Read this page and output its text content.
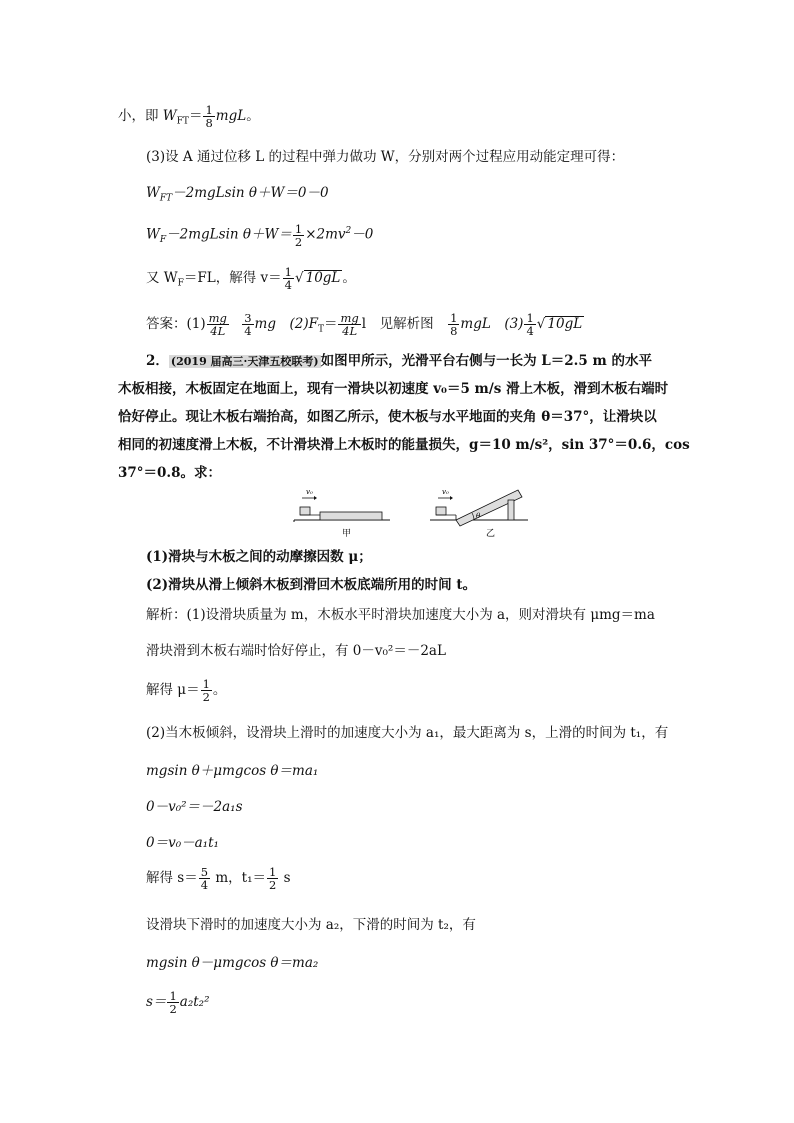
小，即 $W_{FT}= \frac{1}{8}$ mgL。
(3)设 A 通过位移 L 的过程中弹力做功 W，分别对两个过程应用动能定理可得：
$W_{FT}-2mgLsin$ θ＋W＝0－0
$W_F-2mgLsin$ $\theta+W= \frac{1}{2} \times 2mv^2-0$
又 $W_F=FL$，解得 $v= \frac{1}{4}$ √ 10gL 。
答案：$(1) \frac{mg}{4L}$
$\frac{3}{4}$ mg　$(2)F_T= \frac{mg}{4L}$ l　见解析图　 $\frac{1}{8}$ mgL　$(3) \frac{1}{4}$ √ 10gL
2． (2019 届高三·天津五校联考) 如图甲所示，光滑平台右侧与一长为 L＝2.5 m 的水平
木板相接，木板固定在地面上，现有一滑块以初速度 v₀＝5 m/s 滑上木板，滑到木板右端时
恰好停止。现让木板右端抬高，如图乙所示，使木板与水平地面的夹角 θ＝37°，让滑块以
相同的初速度滑上木板，不计滑块滑上木板时的能量损失，g＝10 m/s²，sin 37°＝0.6，cos
37°＝0.8。求：
v₀
甲
v₀
θ
乙
(1)滑块与木板之间的动摩擦因数 μ；
(2)滑块从滑上倾斜木板到滑回木板底端所用的时间 t。
解析：(1)设滑块质量为 m，木板水平时滑块加速度大小为 a，则对滑块有 μmg＝ma
滑块滑到木板右端时恰好停止，有 0－v₀²＝－2aL
解得 $\mu= \frac{1}{2}$ 。
(2)当木板倾斜，设滑块上滑时的加速度大小为 a₁，最大距离为 s，上滑的时间为 t₁，有
mgsin θ＋μmgcos θ＝ma₁
0－v₀²＝－2a₁s
0＝v₀－a₁t₁
解得 $s= \frac{5}{4}$ m，$t_1= \frac{1}{2}$ s
设滑块下滑时的加速度大小为 a₂，下滑的时间为 t₂，有
mgsin θ－μmgcos θ＝ma₂
$s= \frac{1}{2} a_2t_2^2$
